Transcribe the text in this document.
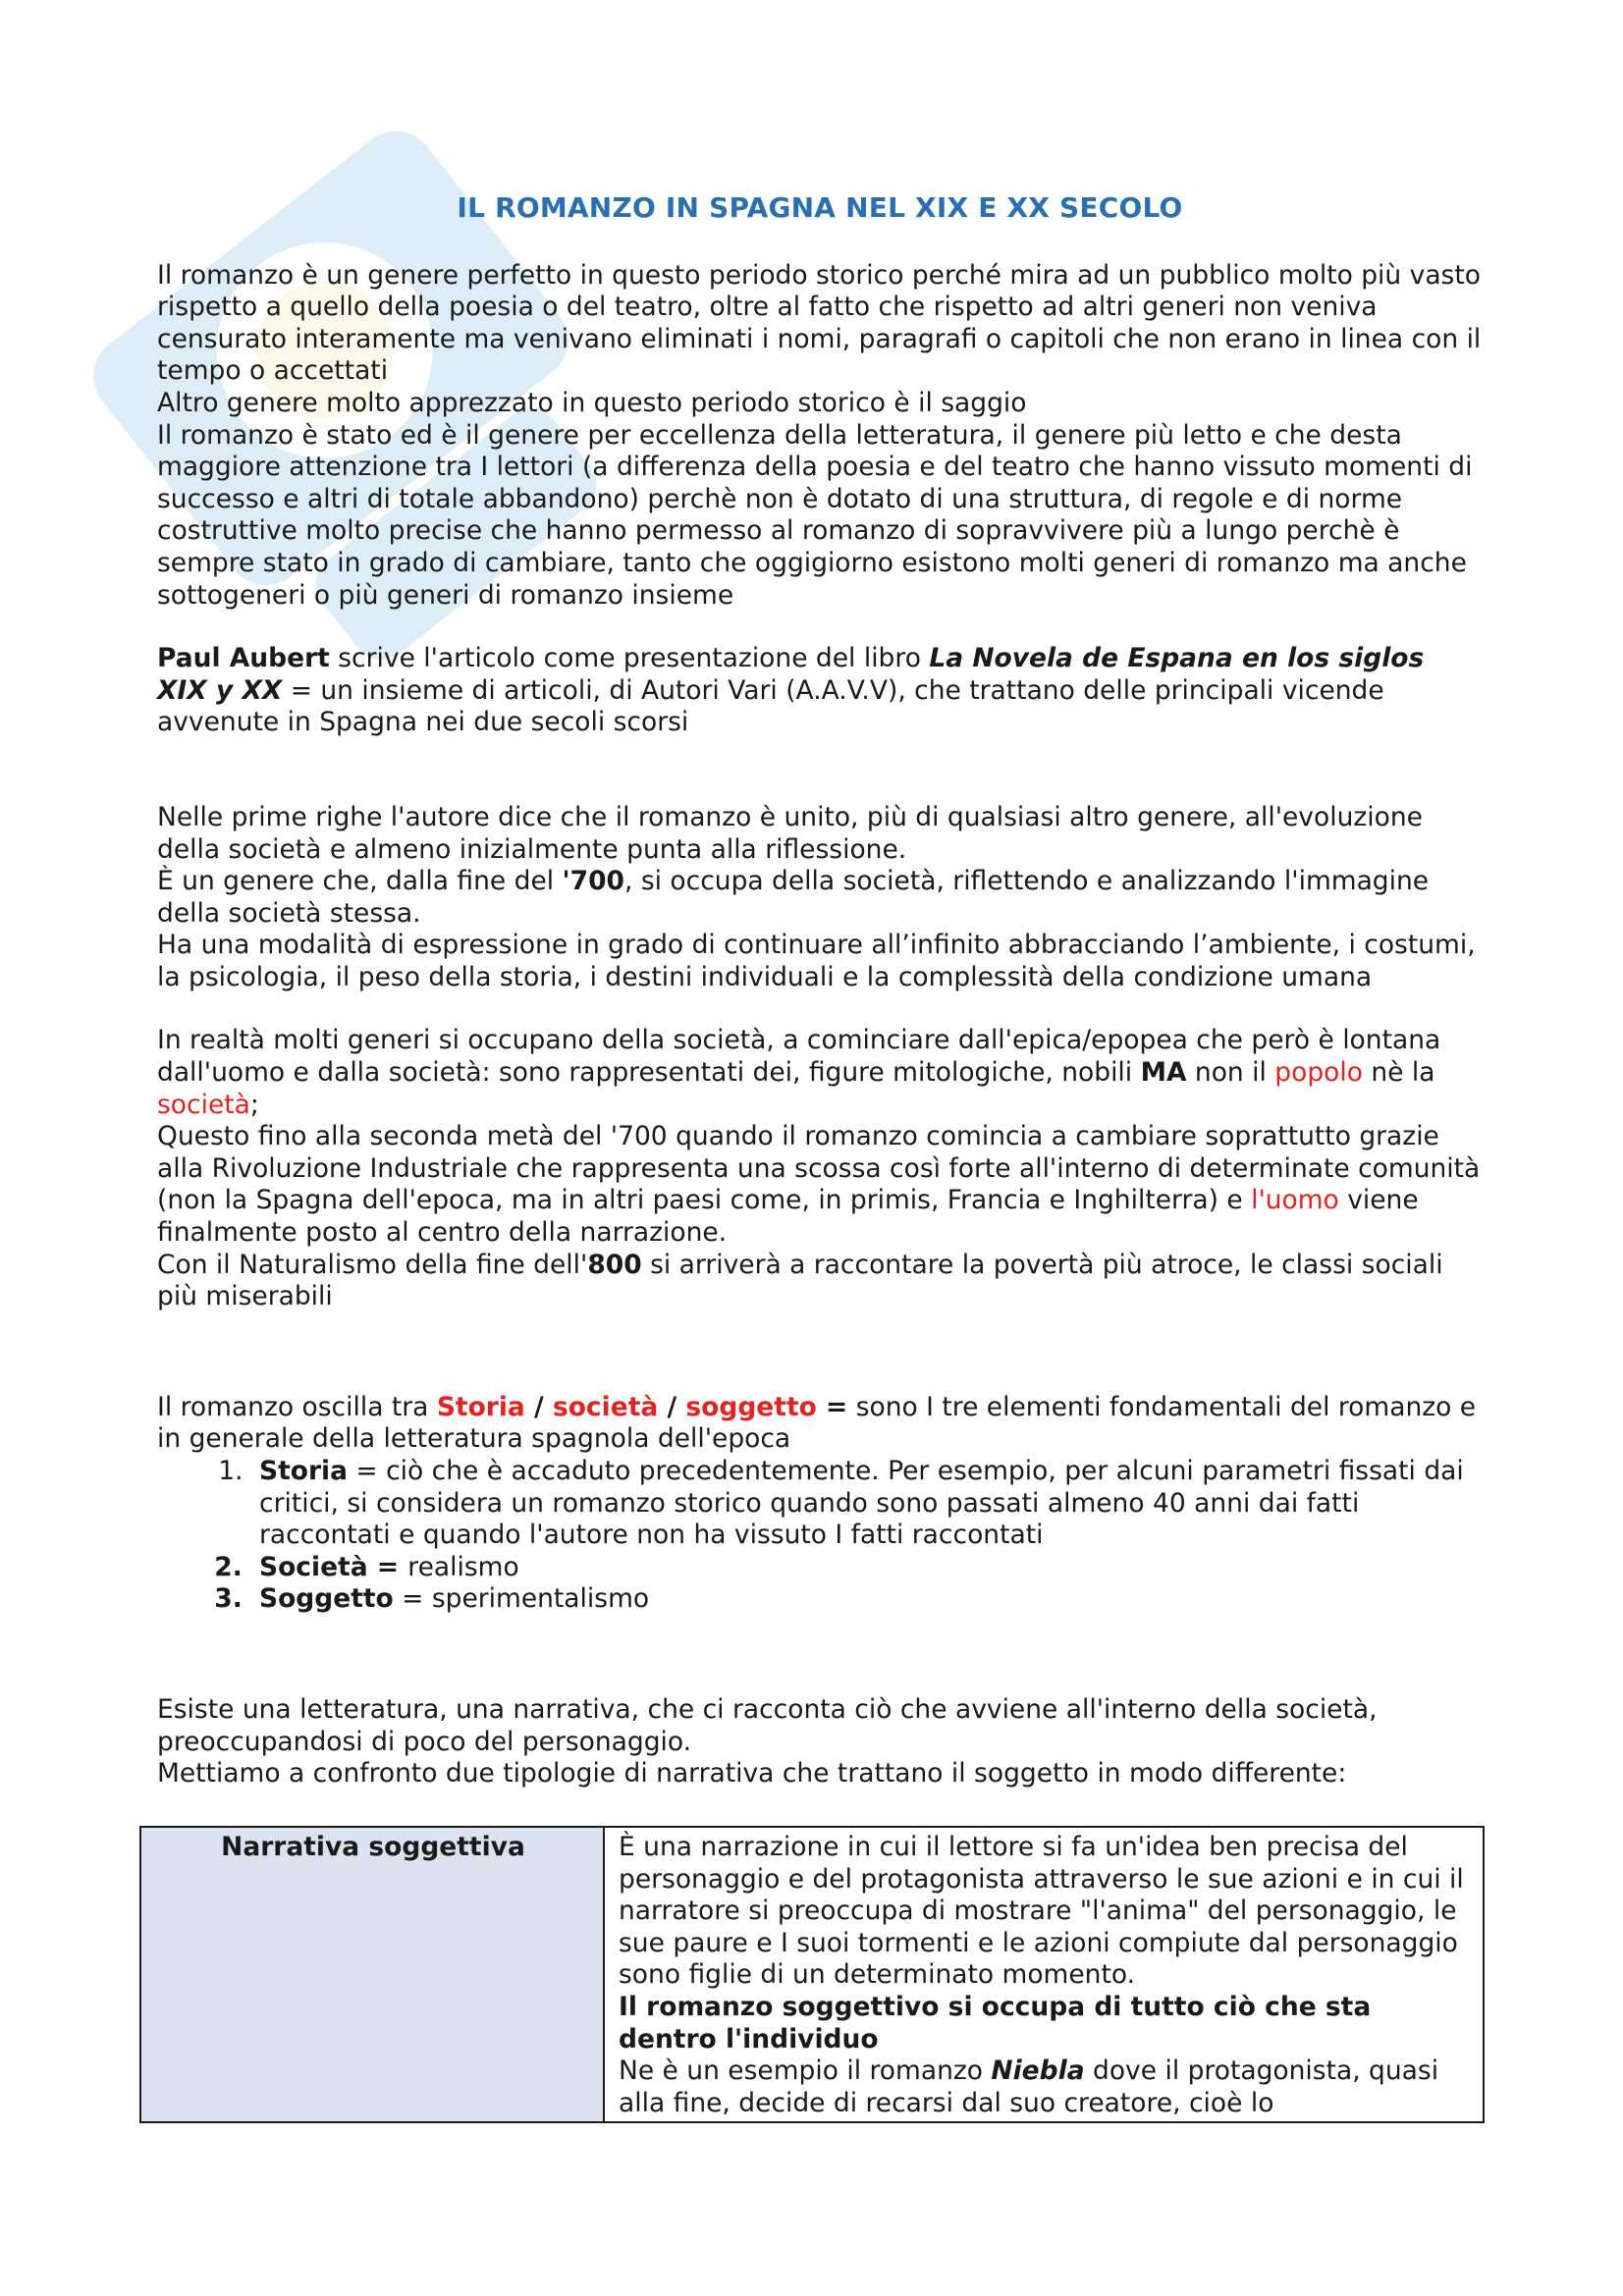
IL ROMANZO IN SPAGNA NEL XIX E XX SECOLO

Il romanzo è un genere perfetto in questo periodo storico perché mira ad un pubblico molto più vasto rispetto a quello della poesia o del teatro, oltre al fatto che rispetto ad altri generi non veniva censurato interamente ma venivano eliminati i nomi, paragrafi o capitoli che non erano in linea con il tempo o accettati

Altro genere molto apprezzato in questo periodo storico è il saggio

Il romanzo è stato ed è il genere per eccellenza della letteratura, il genere più letto e che desta maggiore attenzione tra I lettori (a differenza della poesia e del teatro che hanno vissuto momenti di successo e altri di totale abbandono) perchè non è dotato di una struttura, di regole e di norme costruttive molto precise che hanno permesso al romanzo di sopravvivere più a lungo perchè è sempre stato in grado di cambiare, tanto che oggigiorno esistono molti generi di romanzo ma anche sottogeneri o più generi di romanzo insieme

Paul Aubert scrive l'articolo come presentazione del libro La Novela de Espana en los siglos XIX y XX = un insieme di articoli, di Autori Vari (A.A.V.V), che trattano delle principali vicende avvenute in Spagna nei due secoli scorsi

Nelle prime righe l'autore dice che il romanzo è unito, più di qualsiasi altro genere, all'evoluzione della società e almeno inizialmente punta alla riflessione.

È un genere che, dalla fine del '700, si occupa della società, riflettendo e analizzando l'immagine della società stessa.

Ha una modalità di espressione in grado di continuare all’infinito abbracciando l’ambiente, i costumi, la psicologia, il peso della storia, i destini individuali e la complessità della condizione umana

In realtà molti generi si occupano della società, a cominciare dall'epica/epopea che però è lontana dall'uomo e dalla società: sono rappresentati dei, figure mitologiche, nobili MA non il popolo nè la società;

Questo fino alla seconda metà del '700 quando il romanzo comincia a cambiare soprattutto grazie alla Rivoluzione Industriale che rappresenta una scossa così forte all'interno di determinate comunità (non la Spagna dell'epoca, ma in altri paesi come, in primis, Francia e Inghilterra) e l'uomo viene finalmente posto al centro della narrazione.

Con il Naturalismo della fine dell'800 si arriverà a raccontare la povertà più atroce, le classi sociali più miserabili

Il romanzo oscilla tra Storia / società / soggetto = sono I tre elementi fondamentali del romanzo e in generale della letteratura spagnola dell'epoca

1. Storia = ciò che è accaduto precedentemente. Per esempio, per alcuni parametri fissati dai critici, si considera un romanzo storico quando sono passati almeno 40 anni dai fatti raccontati e quando l'autore non ha vissuto I fatti raccontati
2. Società = realismo
3. Soggetto = sperimentalismo

Esiste una letteratura, una narrativa, che ci racconta ciò che avviene all'interno della società, preoccupandosi di poco del personaggio.

Mettiamo a confronto due tipologie di narrativa che trattano il soggetto in modo differente:

Narrativa soggettiva	È una narrazione in cui il lettore si fa un'idea ben precisa del personaggio e del protagonista attraverso le sue azioni e in cui il narratore si preoccupa di mostrare "l'anima" del personaggio, le sue paure e I suoi tormenti e le azioni compiute dal personaggio sono figlie di un determinato momento.
Il romanzo soggettivo si occupa di tutto ciò che sta dentro l'individuo
Ne è un esempio il romanzo Niebla dove il protagonista, quasi alla fine, decide di recarsi dal suo creatore, cioè lo
